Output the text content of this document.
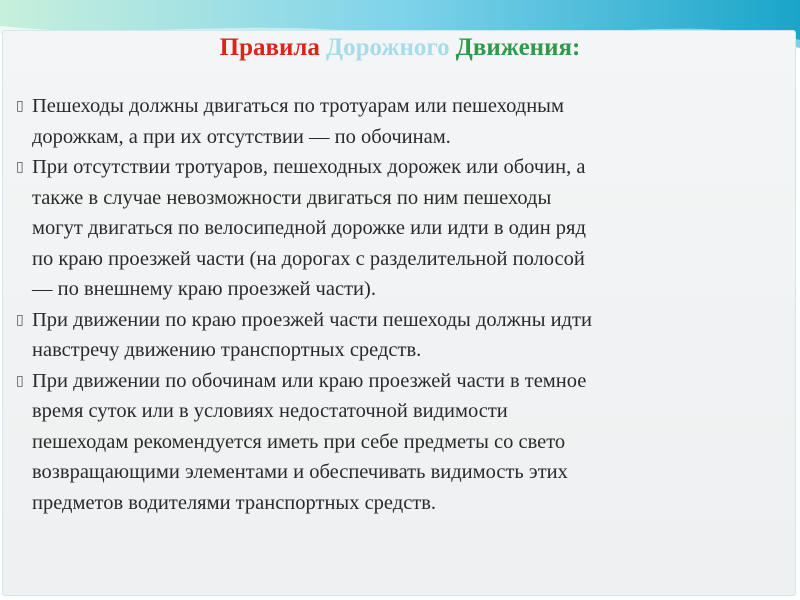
Правила Дорожного Движения:
▯ Пешеходы должны двигаться по тротуарам или пешеходным
дорожкам, а при их отсутствии — по обочинам.
▯ При отсутствии тротуаров, пешеходных дорожек или обочин, а
также в случае невозможности двигаться по ним пешеходы
могут двигаться по велосипедной дорожке или идти в один ряд
по краю проезжей части (на дорогах с разделительной полосой
— по внешнему краю проезжей части).
▯ При движении по краю проезжей части пешеходы должны идти
навстречу движению транспортных средств.
▯ При движении по обочинам или краю проезжей части в темное
время суток или в условиях недостаточной видимости
пешеходам рекомендуется иметь при себе предметы со свето
возвращающими элементами и обеспечивать видимость этих
предметов водителями транспортных средств.
